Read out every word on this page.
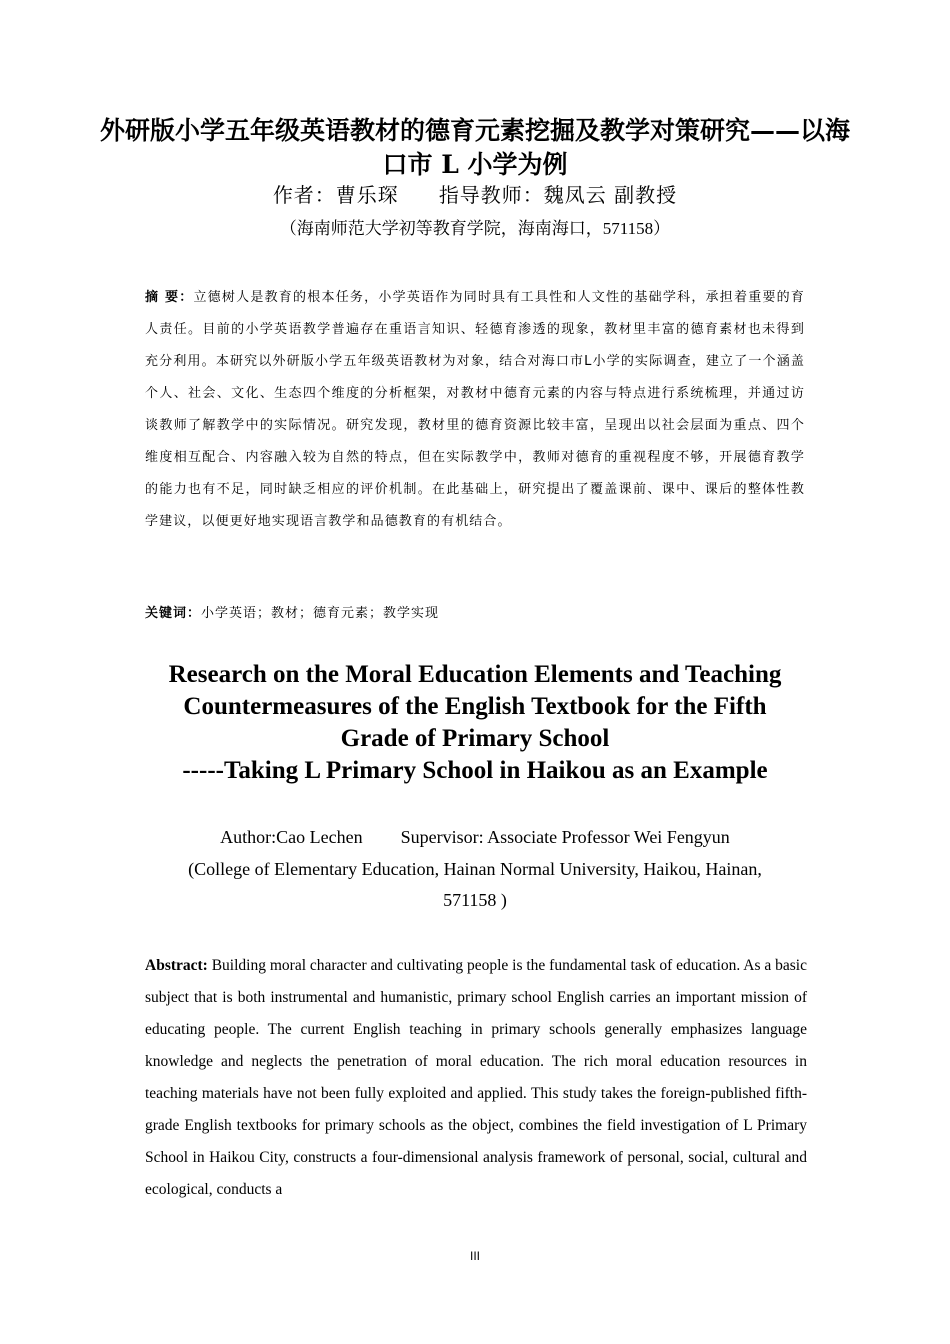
外研版小学五年级英语教材的德育元素挖掘及教学对策研究——以海口市 L 小学为例

作者：曹乐琛 指导教师：魏凤云 副教授

（海南师范大学初等教育学院，海南海口，571158）

摘 要：立德树人是教育的根本任务，小学英语作为同时具有工具性和人文性的基础学科，承担着重要的育人责任。目前的小学英语教学普遍存在重语言知识、轻德育渗透的现象，教材里丰富的德育素材也未得到充分利用。本研究以外研版小学五年级英语教材为对象，结合对海口市L小学的实际调查，建立了一个涵盖个人、社会、文化、生态四个维度的分析框架，对教材中德育元素的内容与特点进行系统梳理，并通过访谈教师了解教学中的实际情况。研究发现，教材里的德育资源比较丰富，呈现出以社会层面为重点、四个维度相互配合、内容融入较为自然的特点，但在实际教学中，教师对德育的重视程度不够，开展德育教学的能力也有不足，同时缺乏相应的评价机制。在此基础上，研究提出了覆盖课前、课中、课后的整体性教学建议，以便更好地实现语言教学和品德教育的有机结合。

关键词：小学英语；教材；德育元素；教学实现

Research on the Moral Education Elements and Teaching
Countermeasures of the English Textbook for the Fifth
Grade of Primary School
-----Taking L Primary School in Haikou as an Example

Author:Cao Lechen Supervisor: Associate Professor Wei Fengyun

(College of Elementary Education, Hainan Normal University, Haikou, Hainan, 571158 )

Abstract: Building moral character and cultivating people is the fundamental task of education. As a basic subject that is both instrumental and humanistic, primary school English carries an important mission of educating people. The current English teaching in primary schools generally emphasizes language knowledge and neglects the penetration of moral education. The rich moral education resources in teaching materials have not been fully exploited and applied. This study takes the foreign-published fifth-grade English textbooks for primary schools as the object, combines the field investigation of L Primary School in Haikou City, constructs a four-dimensional analysis framework of personal, social, cultural and ecological, conducts a

III
